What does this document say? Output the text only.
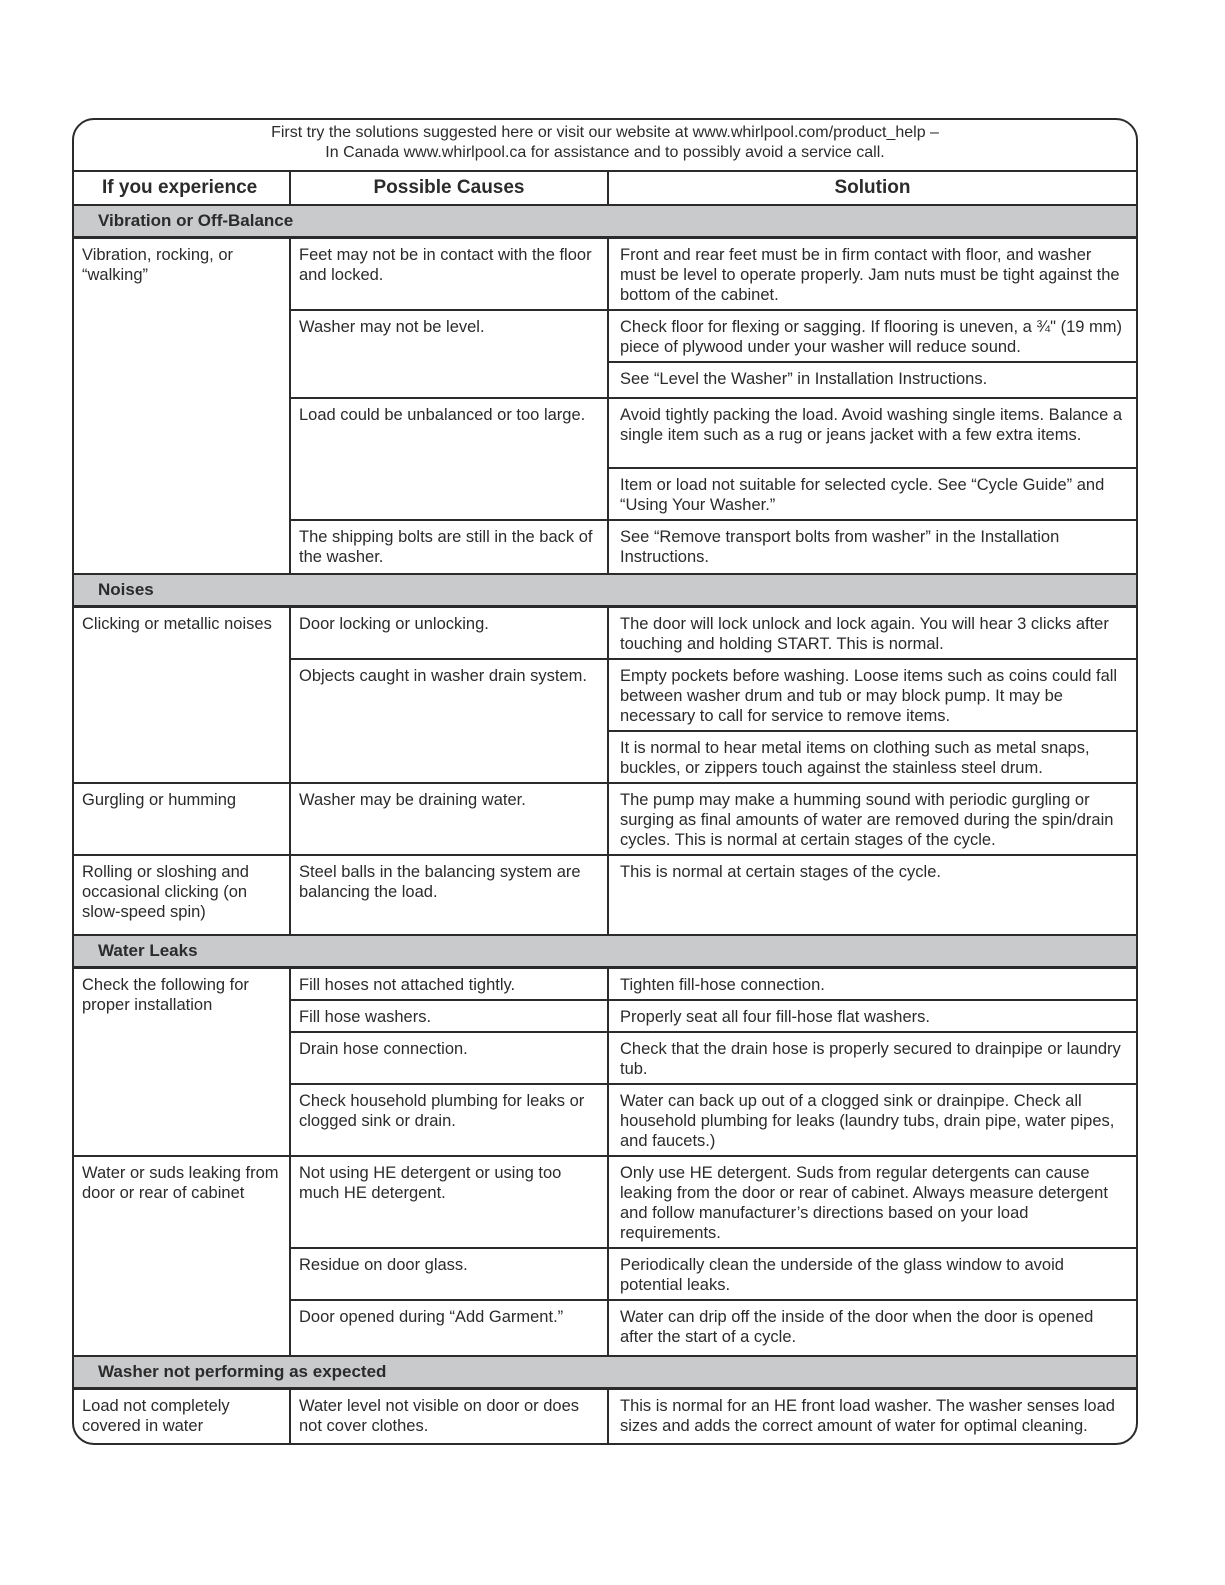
First try the solutions suggested here or visit our website at www.whirlpool.com/product_help –
In Canada www.whirlpool.ca for assistance and to possibly avoid a service call.
If you experience	Possible Causes	Solution
Vibration or Off-Balance		
Vibration, rocking, or “walking”	Feet may not be in contact with the floor and locked.	Front and rear feet must be in firm contact with floor, and washer must be level to operate properly. Jam nuts must be tight against the bottom of the cabinet.
	Washer may not be level.	Check floor for flexing or sagging. If flooring is uneven, a ¾" (19 mm) piece of plywood under your washer will reduce sound.
		See “Level the Washer” in Installation Instructions.
	Load could be unbalanced or too large.	Avoid tightly packing the load. Avoid washing single items. Balance a single item such as a rug or jeans jacket with a few extra items.
		Item or load not suitable for selected cycle. See “Cycle Guide” and “Using Your Washer.”
	The shipping bolts are still in the back of the washer.	See “Remove transport bolts from washer” in the Installation Instructions.
Noises		
Clicking or metallic noises	Door locking or unlocking.	The door will lock unlock and lock again. You will hear 3 clicks after touching and holding START. This is normal.
	Objects caught in washer drain system.	Empty pockets before washing. Loose items such as coins could fall between washer drum and tub or may block pump. It may be necessary to call for service to remove items.
		It is normal to hear metal items on clothing such as metal snaps, buckles, or zippers touch against the stainless steel drum.
Gurgling or humming	Washer may be draining water.	The pump may make a humming sound with periodic gurgling or surging as final amounts of water are removed during the spin/drain cycles. This is normal at certain stages of the cycle.
Rolling or sloshing and occasional clicking (on slow-speed spin)	Steel balls in the balancing system are balancing the load.	This is normal at certain stages of the cycle.
Water Leaks		
Check the following for proper installation	Fill hoses not attached tightly.	Tighten fill-hose connection.
	Fill hose washers.	Properly seat all four fill-hose flat washers.
	Drain hose connection.	Check that the drain hose is properly secured to drainpipe or laundry tub.
	Check household plumbing for leaks or clogged sink or drain.	Water can back up out of a clogged sink or drainpipe. Check all household plumbing for leaks (laundry tubs, drain pipe, water pipes, and faucets.)
Water or suds leaking from door or rear of cabinet	Not using HE detergent or using too much HE detergent.	Only use HE detergent. Suds from regular detergents can cause leaking from the door or rear of cabinet. Always measure detergent and follow manufacturer’s directions based on your load requirements.
	Residue on door glass.	Periodically clean the underside of the glass window to avoid potential leaks.
	Door opened during “Add Garment.”	Water can drip off the inside of the door when the door is opened after the start of a cycle.
Washer not performing as expected		
Load not completely covered in water	Water level not visible on door or does not cover clothes.	This is normal for an HE front load washer. The washer senses load sizes and adds the correct amount of water for optimal cleaning.
